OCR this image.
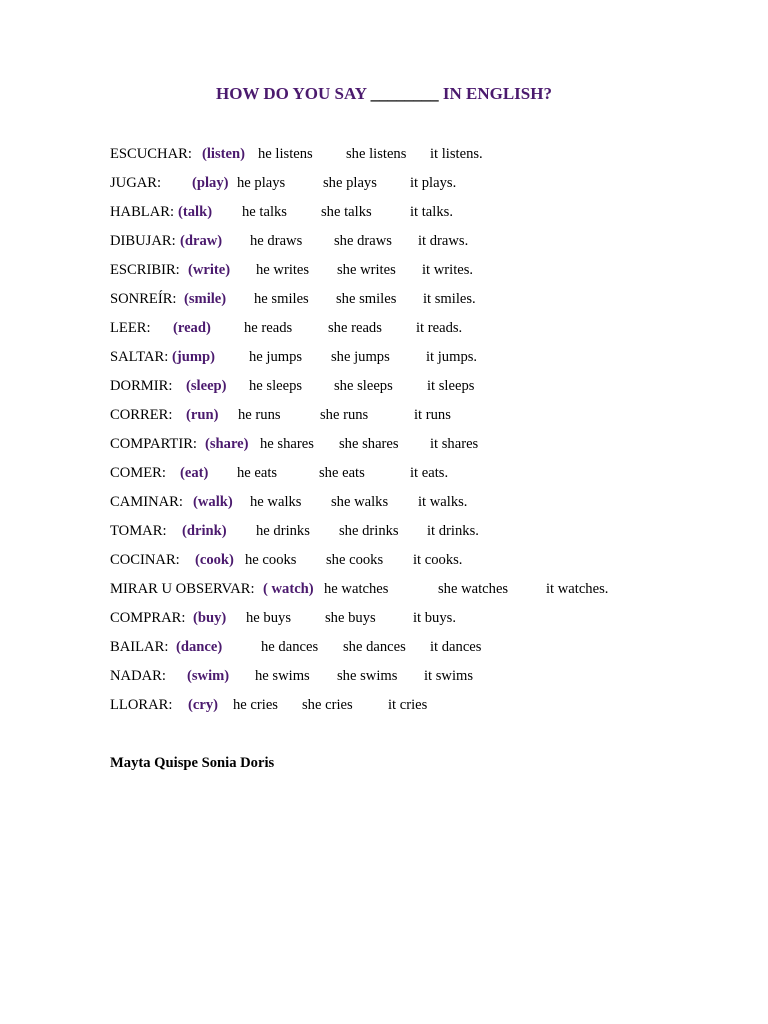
HOW DO YOU SAY ________ IN ENGLISH?
ESCUCHAR: (listen) he listens she listens it listens.
JUGAR: (play) he plays	she plays it plays.
HABLAR: (talk) he talks she talks	it talks.
DIBUJAR: (draw) he draws she draws it draws.
ESCRIBIR: (write) he writes she writes it writes.
SONREÍR: (smile) he smiles she smiles it smiles.
LEER: (read) he reads she reads it reads.
SALTAR: (jump) he jumps she jumps it jumps.
DORMIR: (sleep) he sleeps she sleeps it sleeps
CORRER: (run) he runs	she runs	it runs
COMPARTIR: (share) he shares she shares it shares
COMER: (eat) he eats	she eats	it eats.
CAMINAR: (walk) he walks she walks it walks.
TOMAR: (drink) he drinks she drinks it drinks.
COCINAR: (cook) he cooks she cooks it cooks.
MIRAR U OBSERVAR: ( watch) he watches	she watches	it watches.
COMPRAR: (buy) he buys she buys	it buys.
BAILAR: (dance)	he dances she dances it dances
NADAR: (swim) he swims she swims it swims
LLORAR: (cry) he cries she cries it cries
Mayta Quispe Sonia Doris
